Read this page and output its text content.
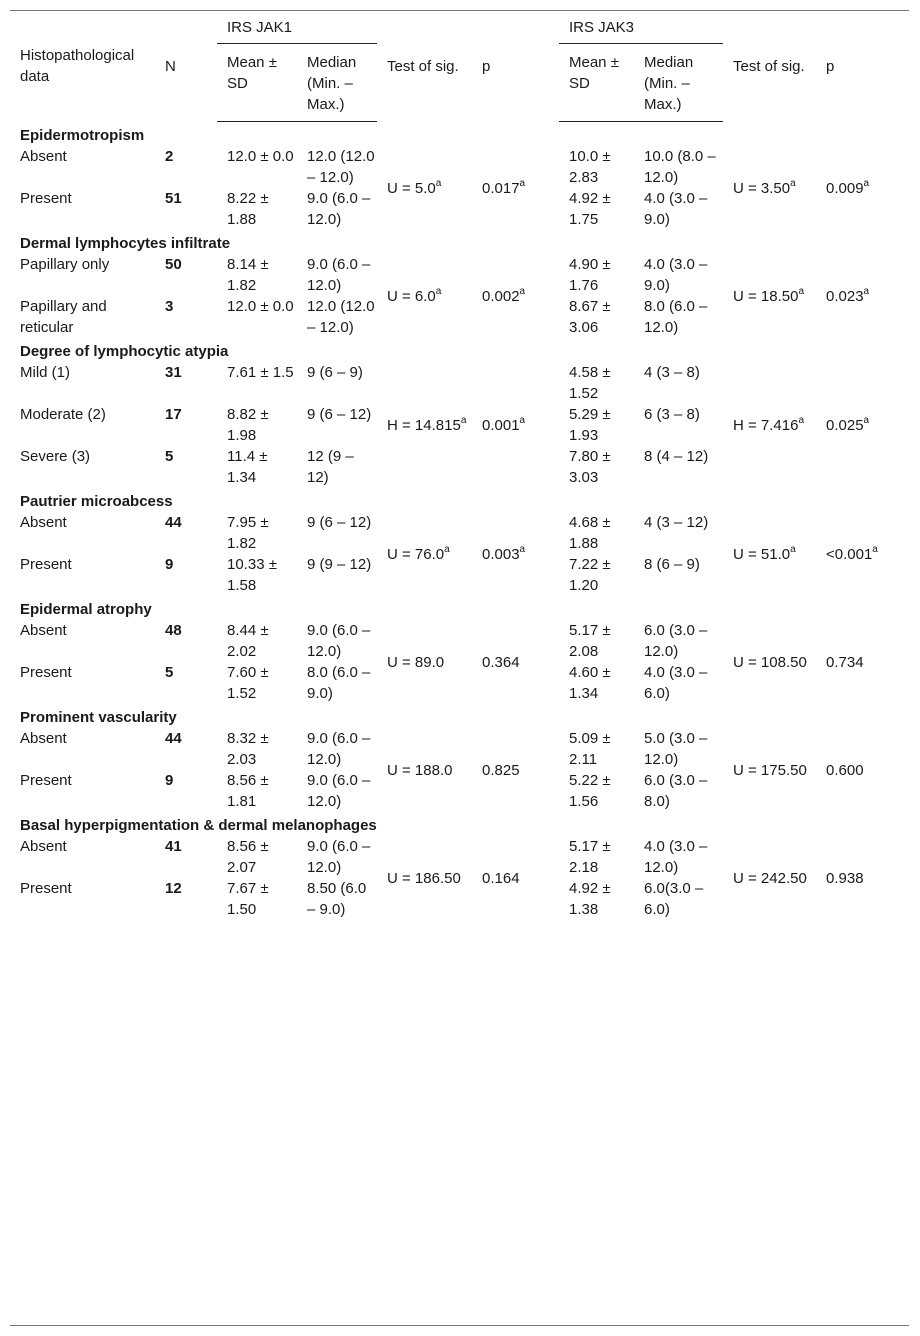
Histopathological data	N	IRS JAK1		Test of sig.	p	IRS JAK3		Test of sig.	p
		Mean ± SD	Median (Min. – Max.)			Mean ± SD	Median (Min. – Max.)		
Epidermotropism									
Absent	2	12.0 ± 0.0	12.0 (12.0 – 12.0)	U = 5.0$^a$	0.017$^a$	10.0 ± 2.83	10.0 (8.0 – 12.0)	U = 3.50$^a$	0.009$^a$
Present	51	8.22 ± 1.88	9.0 (6.0 – 12.0)			4.92 ± 1.75	4.0 (3.0 – 9.0)		
Dermal lymphocytes infiltrate									
Papillary only	50	8.14 ± 1.82	9.0 (6.0 – 12.0)	U = 6.0$^a$	0.002$^a$	4.90 ± 1.76	4.0 (3.0 – 9.0)	U = 18.50$^a$	0.023$^a$
Papillary and reticular	3	12.0 ± 0.0	12.0 (12.0 – 12.0)			8.67 ± 3.06	8.0 (6.0 – 12.0)		
Degree of lymphocytic atypia									
Mild (1)	31	7.61 ± 1.5	9 (6 – 9)	H = 14.815$^a$	0.001$^a$	4.58 ± 1.52	4 (3 – 8)	H = 7.416$^a$	0.025$^a$
Moderate (2)	17	8.82 ± 1.98	9 (6 – 12)			5.29 ± 1.93	6 (3 – 8)		
Severe (3)	5	11.4 ± 1.34	12 (9 – 12)			7.80 ± 3.03	8 (4 – 12)		
Pautrier microabcess									
Absent	44	7.95 ± 1.82	9 (6 – 12)	U = 76.0$^a$	0.003$^a$	4.68 ± 1.88	4 (3 – 12)	U = 51.0$^a$	<0.001$^a$
Present	9	10.33 ± 1.58	9 (9 – 12)			7.22 ± 1.20	8 (6 – 9)		
Epidermal atrophy									
Absent	48	8.44 ± 2.02	9.0 (6.0 – 12.0)	U = 89.0	0.364	5.17 ± 2.08	6.0 (3.0 – 12.0)	U = 108.50	0.734
Present	5	7.60 ± 1.52	8.0 (6.0 – 9.0)			4.60 ± 1.34	4.0 (3.0 – 6.0)		
Prominent vascularity									
Absent	44	8.32 ± 2.03	9.0 (6.0 – 12.0)	U = 188.0	0.825	5.09 ± 2.11	5.0 (3.0 – 12.0)	U = 175.50	0.600
Present	9	8.56 ± 1.81	9.0 (6.0 – 12.0)			5.22 ± 1.56	6.0 (3.0 – 8.0)		
Basal hyperpigmentation & dermal melanophages									
Absent	41	8.56 ± 2.07	9.0 (6.0 – 12.0)	U = 186.50	0.164	5.17 ± 2.18	4.0 (3.0 – 12.0)	U = 242.50	0.938
Present	12	7.67 ± 1.50	8.50 (6.0 – 9.0)			4.92 ± 1.38	6.0(3.0 – 6.0)		
